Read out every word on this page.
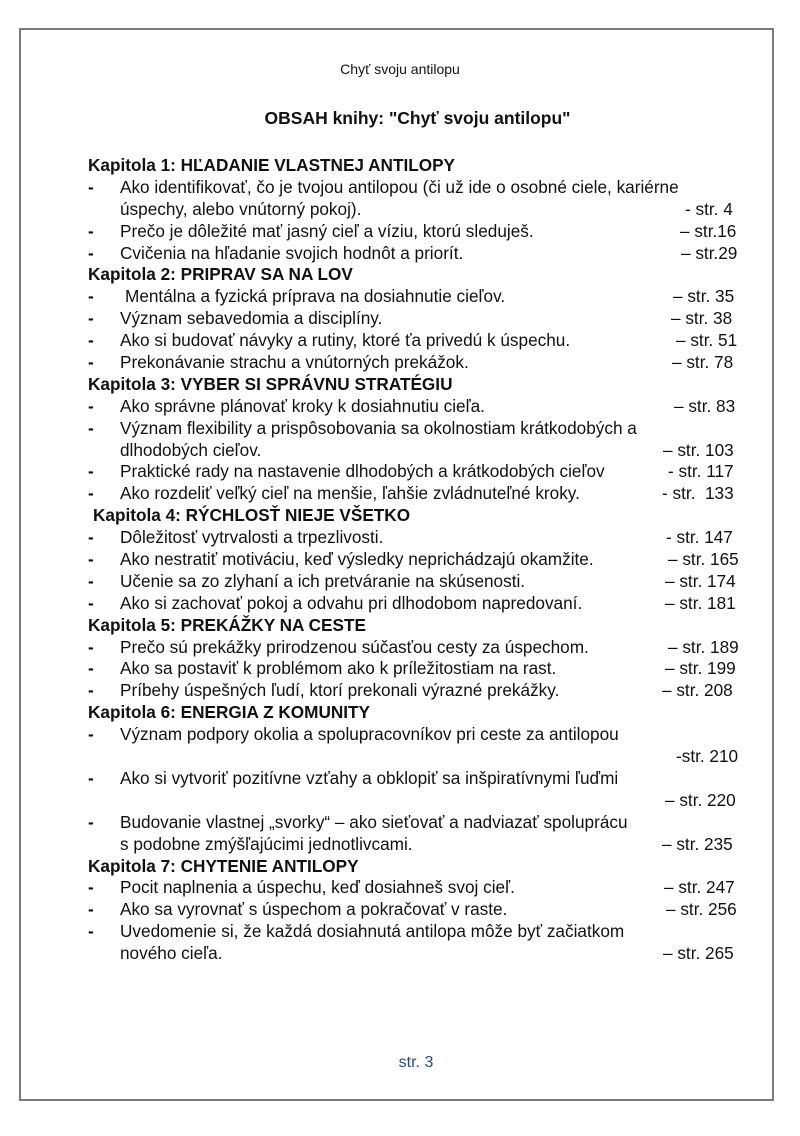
Chyť svoju antilopu
OBSAH knihy: "Chyť svoju antilopu"
Kapitola 1: HĽADANIE VLASTNEJ ANTILOPY
- Ako identifikovať, čo je tvojou antilopou (či už ide o osobné ciele, kariérne
úspechy, alebo vnútorný pokoj).	- str. 4
- Prečo je dôležité mať jasný cieľ a víziu, ktorú sleduješ.	– str.16
- Cvičenia na hľadanie svojich hodnôt a priorít.	– str.29
Kapitola 2: PRIPRAV SA NA LOV
- Mentálna a fyzická príprava na dosiahnutie cieľov.	– str. 35
- Význam sebavedomia a disciplíny.	– str. 38
- Ako si budovať návyky a rutiny, ktoré ťa privedú k úspechu.	– str. 51
- Prekonávanie strachu a vnútorných prekážok.	– str. 78
Kapitola 3: VYBER SI SPRÁVNU STRATÉGIU
- Ako správne plánovať kroky k dosiahnutiu cieľa.	– str. 83
- Význam flexibility a prispôsobovania sa okolnostiam krátkodobých a
dlhodobých cieľov.	– str. 103
- Praktické rady na nastavenie dlhodobých a krátkodobých cieľov	- str. 117
- Ako rozdeliť veľký cieľ na menšie, ľahšie zvládnuteľné kroky.	- str.  133
Kapitola 4: RÝCHLOSŤ NIEJE VŠETKO
- Dôležitosť vytrvalosti a trpezlivosti.	- str. 147
- Ako nestratiť motiváciu, keď výsledky neprichádzajú okamžite.	– str. 165
- Učenie sa zo zlyhaní a ich pretváranie na skúsenosti.	– str. 174
- Ako si zachovať pokoj a odvahu pri dlhodobom napredovaní.	– str. 181
Kapitola 5: PREKÁŽKY NA CESTE
- Prečo sú prekážky prirodzenou súčasťou cesty za úspechom.	– str. 189
- Ako sa postaviť k problémom ako k príležitostiam na rast.	– str. 199
- Príbehy úspešných ľudí, ktorí prekonali výrazné prekážky.	– str. 208
Kapitola 6: ENERGIA Z KOMUNITY
- Význam podpory okolia a spolupracovníkov pri ceste za antilopou
-str. 210
- Ako si vytvoriť pozitívne vzťahy a obklopiť sa inšpiratívnymi ľuďmi
– str. 220
- Budovanie vlastnej „svorky“ – ako sieťovať a nadviazať spoluprácu
s podobne zmýšľajúcimi jednotlivcami.	– str. 235
Kapitola 7: CHYTENIE ANTILOPY
- Pocit naplnenia a úspechu, keď dosiahneš svoj cieľ.	– str. 247
- Ako sa vyrovnať s úspechom a pokračovať v raste.	– str. 256
- Uvedomenie si, že každá dosiahnutá antilopa môže byť začiatkom
nového cieľa.	– str. 265
str. 3
